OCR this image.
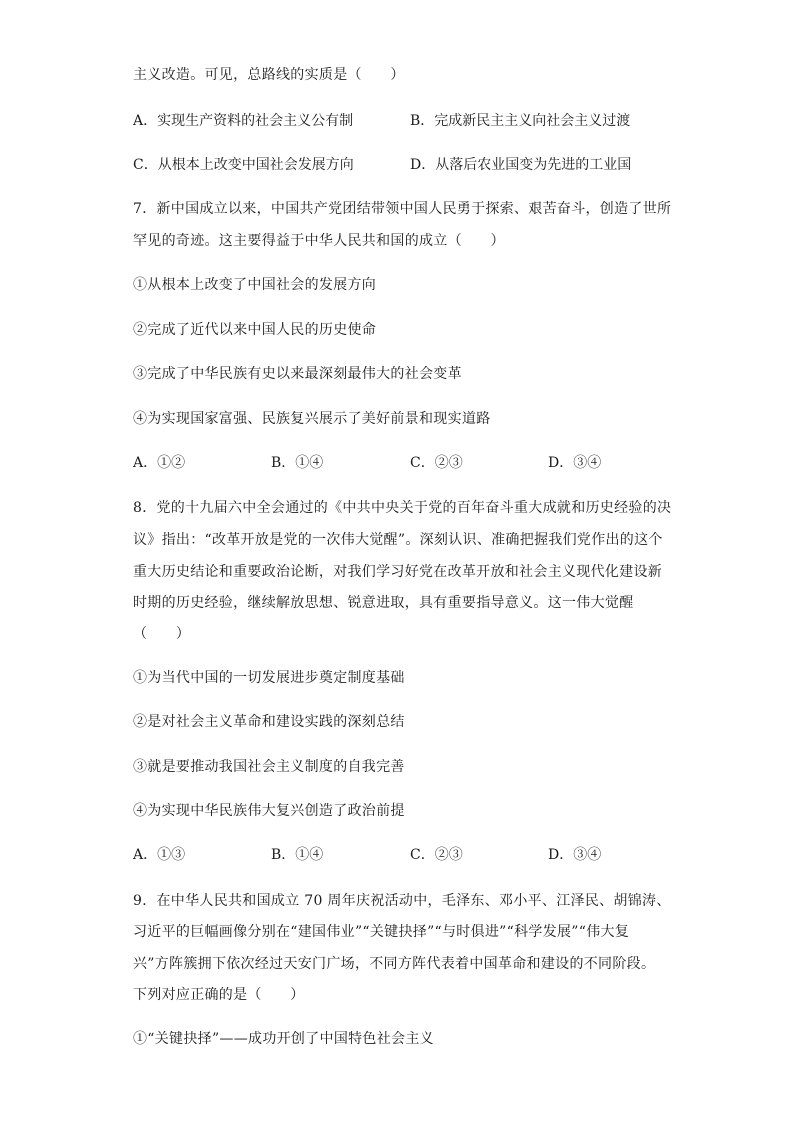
主义改造。可见，总路线的实质是（　　）
A．实现生产资料的社会主义公有制	B．完成新民主主义向社会主义过渡
C．从根本上改变中国社会发展方向	D．从落后农业国变为先进的工业国
7．新中国成立以来，中国共产党团结带领中国人民勇于探索、艰苦奋斗，创造了世所
罕见的奇迹。这主要得益于中华人民共和国的成立（　　）
①从根本上改变了中国社会的发展方向
②完成了近代以来中国人民的历史使命
③完成了中华民族有史以来最深刻最伟大的社会变革
④为实现国家富强、民族复兴展示了美好前景和现实道路
A．①②	B．①④	C．②③	D．③④
8．党的十九届六中全会通过的《中共中央关于党的百年奋斗重大成就和历史经验的决
议》指出：“改革开放是党的一次伟大觉醒”。深刻认识、准确把握我们党作出的这个
重大历史结论和重要政治论断，对我们学习好党在改革开放和社会主义现代化建设新
时期的历史经验，继续解放思想、锐意进取，具有重要指导意义。这一伟大觉醒
（　　）
①为当代中国的一切发展进步奠定制度基础
②是对社会主义革命和建设实践的深刻总结
③就是要推动我国社会主义制度的自我完善
④为实现中华民族伟大复兴创造了政治前提
A．①③	B．①④	C．②③	D．③④
9．在中华人民共和国成立 70 周年庆祝活动中，毛泽东、邓小平、江泽民、胡锦涛、
习近平的巨幅画像分别在“建国伟业”“关键抉择”“与时俱进”“科学发展”“伟大复
兴”方阵簇拥下依次经过天安门广场，不同方阵代表着中国革命和建设的不同阶段。
下列对应正确的是（　　）
①“关键抉择”——成功开创了中国特色社会主义
